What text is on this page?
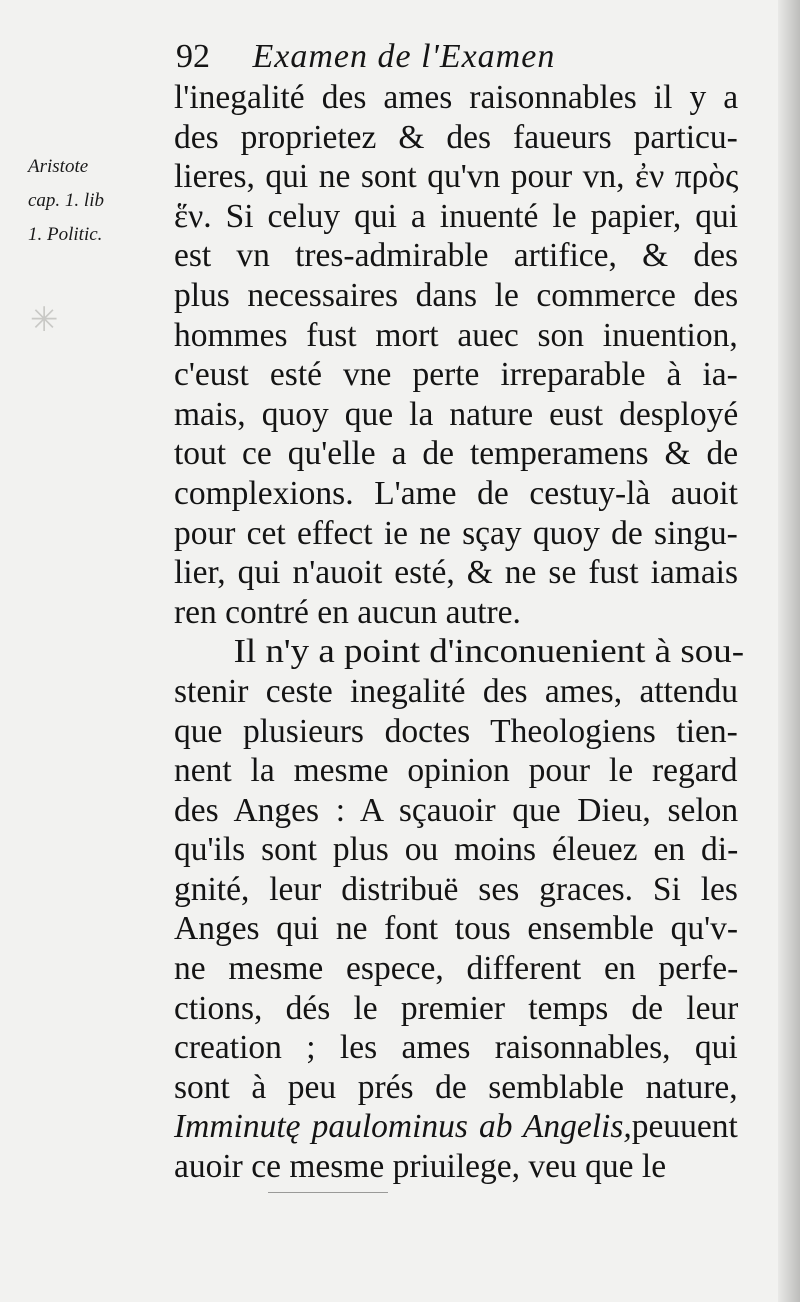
92 Examen de l'Examen
Aristote
cap. 1. lib
1. Politic.
✳
l'inegalité des ames raisonnables il y a
des proprietez & des faueurs particu-
lieres, qui ne sont qu'vn pour vn, ἐν πρὸς
ἕν. Si celuy qui a inuenté le papier, qui
est vn tres-admirable artifice, & des
plus necessaires dans le commerce des
hommes fust mort auec son inuention,
c'eust esté vne perte irreparable à ia-
mais, quoy que la nature eust desployé
tout ce qu'elle a de temperamens & de
complexions. L'ame de cestuy-là auoit
pour cet effect ie ne sçay quoy de singu-
lier, qui n'auoit esté, & ne se fust iamais
ren contré en aucun autre.
Il n'y a point d'inconuenient à sou-
stenir ceste inegalité des ames, attendu
que plusieurs doctes Theologiens tien-
nent la mesme opinion pour le regard
des Anges : A sçauoir que Dieu, selon
qu'ils sont plus ou moins éleuez en di-
gnité, leur distribuë ses graces. Si les
Anges qui ne font tous ensemble qu'v-
ne mesme espece, different en perfe-
ctions, dés le premier temps de leur
creation ; les ames raisonnables, qui
sont à peu prés de semblable nature,
Imminutę paulominus ab Angelis,peuuent
auoir ce mesme priuilege, veu que le
